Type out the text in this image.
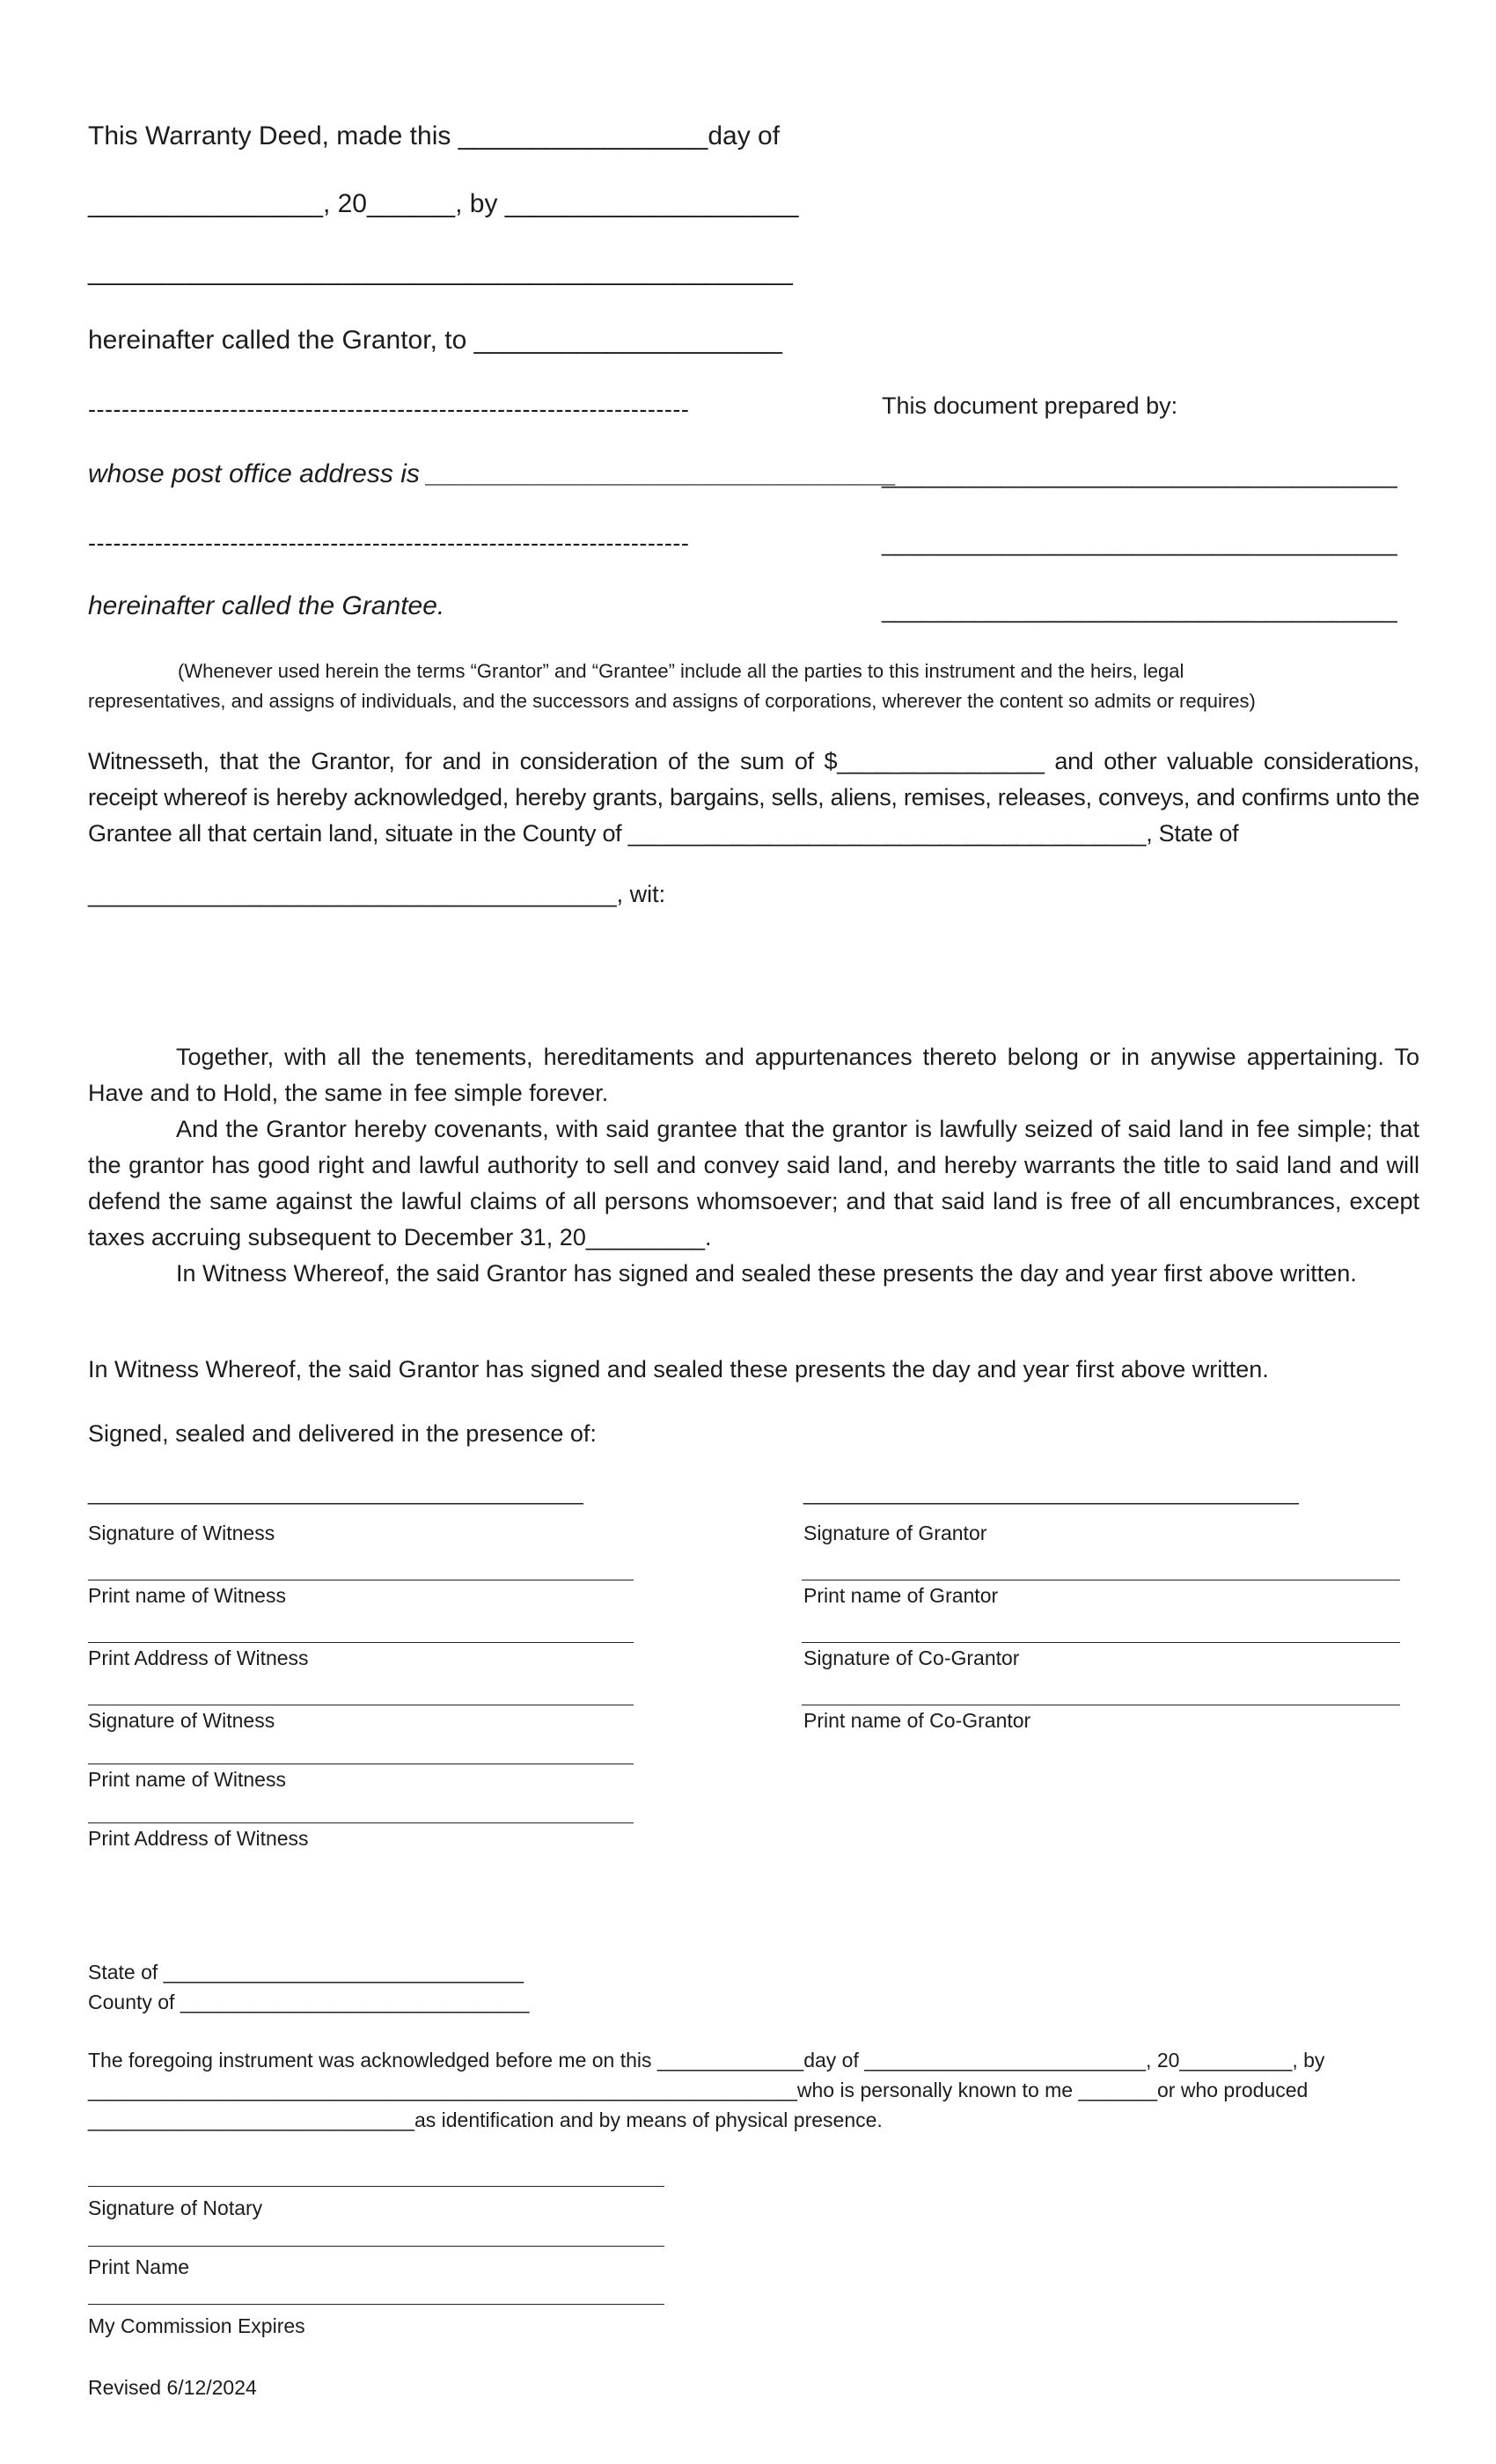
This Warranty Deed, made this _________________day of
________________, 20______, by ____________________
________________________________________________
hereinafter called the Grantor, to _____________________
------------------------------------------------------------------------
whose post office address is ________________________________
------------------------------------------------------------------------
hereinafter called the Grantee.
This document prepared by:
_______________________________________
_______________________________________
_______________________________________
(Whenever used herein the terms “Grantor” and “Grantee” include all the parties to this instrument and the heirs, legal
representatives, and assigns of individuals, and the successors and assigns of corporations, wherever the content so admits or requires)
Witnesseth, that the Grantor, for and in consideration of the sum of $________________ and other valuable considerations, receipt whereof is hereby acknowledged, hereby grants, bargains, sells, aliens, remises, releases, conveys, and confirms unto the Grantee all that certain land, situate in the County of ________________________________________, State of
________________________________________, wit:

Together, with all the tenements, hereditaments and appurtenances thereto belong or in anywise appertaining. To Have and to Hold, the same in fee simple forever.

And the Grantor hereby covenants, with said grantee that the grantor is lawfully seized of said land in fee simple; that the grantor has good right and lawful authority to sell and convey said land, and hereby warrants the title to said land and will defend the same against the lawful claims of all persons whomsoever; and that said land is free of all encumbrances, except taxes accruing subsequent to December 31, 20_________.

In Witness Whereof, the said Grantor has signed and sealed these presents the day and year first above written.

In Witness Whereof, the said Grantor has signed and sealed these presents the day and year first above written.
Signed, sealed and delivered in the presence of:
____________________________________________
Signature of Witness
Print name of Witness
Print Address of Witness
Signature of Witness
Print name of Witness
Print Address of Witness
____________________________________________
Signature of Grantor
Print name of Grantor
Signature of Co-Grantor
Print name of Co-Grantor
State of ________________________________
County of _______________________________
The foregoing instrument was acknowledged before me on this _____________day of _________________________, 20__________, by
_______________________________________________________________who is personally known to me _______or who produced
_____________________________as identification and by means of physical presence.
Signature of Notary
Print Name
My Commission Expires
Revised 6/12/2024
